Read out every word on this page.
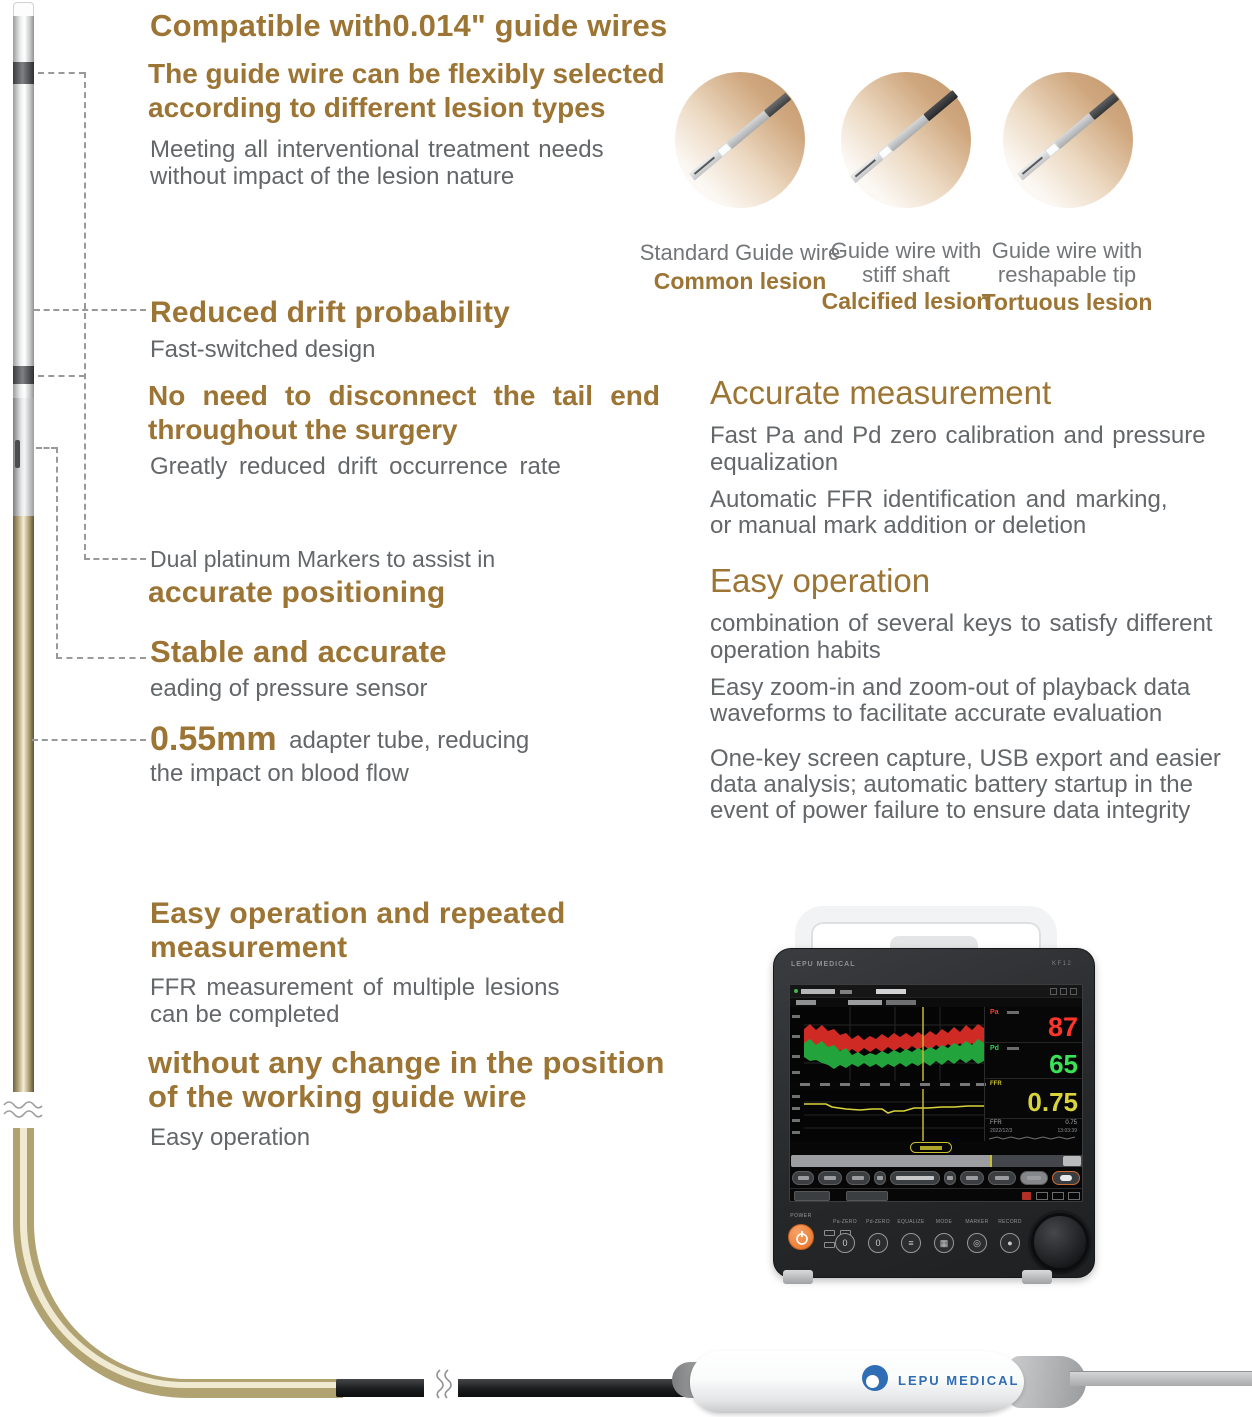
Compatible with0.014" guide wires
The guide wire can be flexibly selected
according to different lesion types
Meeting all interventional treatment needs
without impact of the lesion nature
Reduced drift probability
Fast-switched design
No need to disconnect the tail end
throughout the surgery
Greatly reduced drift occurrence rate
Dual platinum Markers to assist in
accurate positioning
Stable and accurate
eading of pressure sensor
0.55mm adapter tube, reducing
the impact on blood flow
Easy operation and repeated
measurement
FFR measurement of multiple lesions
can be completed
without any change in the position
of the working guide wire
Easy operation
Standard Guide wire
Common lesion
Guide wire with
stiff shaft
Calcified lesion
Guide wire with
reshapable tip
Tortuous lesion
Accurate measurement
Fast Pa and Pd zero calibration and pressure
equalization
Automatic FFR identification and marking,
or manual mark addition or deletion
Easy operation
combination of several keys to satisfy different
operation habits
Easy zoom-in and zoom-out of playback data
waveforms to facilitate accurate evaluation
One-key screen capture, USB export and easier
data analysis; automatic battery startup in the
event of power failure to ensure data integrity
LEPU MEDICAL	KF12
Pa 87
Pd
65
FFR
0.75
FFR	0.75
2022/12/3	13:03:39
POWER
Pa-ZERO	Pd-ZERO	EQUALIZE	MODE	MARKER	RECORD
0	0	≡	▦	◎	●
LEPU MEDICAL
